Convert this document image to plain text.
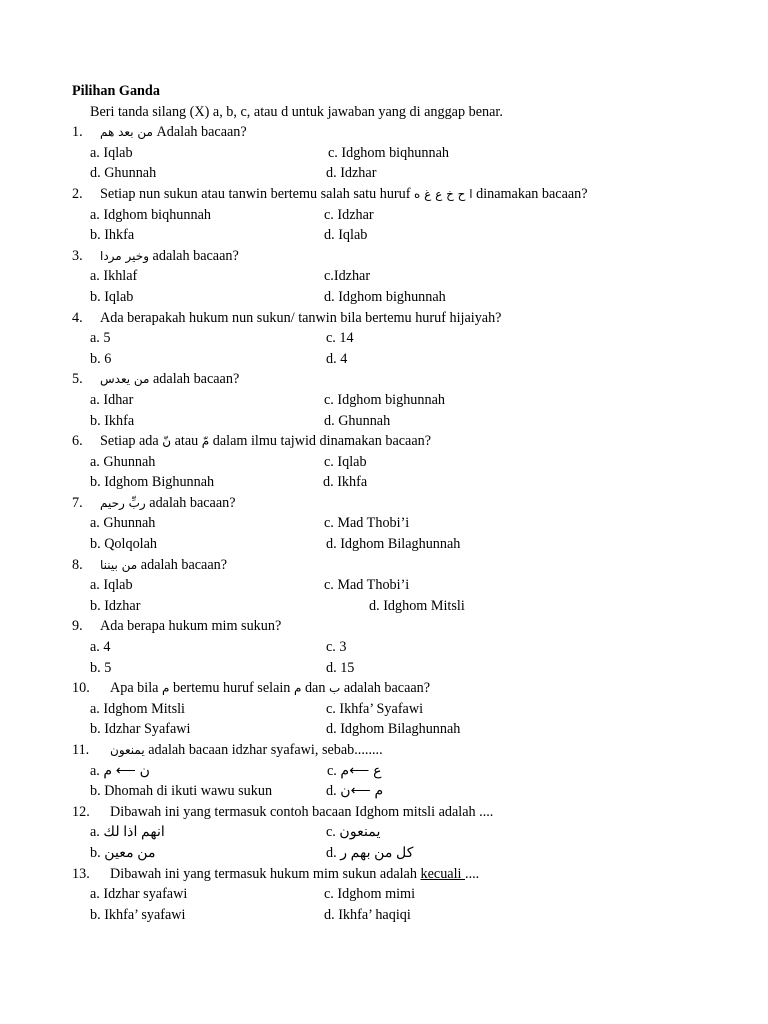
Pilihan Ganda
Beri tanda silang (X) a, b, c, atau d untuk jawaban yang di anggap benar.
1. من بعد هم Adalah bacaan?
a. Iqlab	c. Idghom biqhunnah
d. Ghunnah	d. Idzhar
2. Setiap nun sukun atau tanwin bertemu salah satu huruf ا ح خ ع غ ه dinamakan bacaan?
a. Idghom biqhunnah	c. Idzhar
b. Ihkfa	d. Iqlab
3. وخير مردا adalah bacaan?
a. Ikhlaf	c.Idzhar
b. Iqlab	d. Idghom bighunnah
4. Ada berapakah hukum nun sukun/ tanwin bila bertemu huruf hijaiyah?
a. 5	c. 14
b. 6	d. 4
5. من يعدس adalah bacaan?
a. Idhar	c. Idghom bighunnah
b. Ikhfa	d. Ghunnah
6. Setiap ada نّ atau مّ dalam ilmu tajwid dinamakan bacaan?
a. Ghunnah	c. Iqlab
b. Idghom Bighunnah	d. Ikhfa
7. ربِّ رحيم adalah bacaan?
a. Ghunnah	c. Mad Thobi’i
b. Qolqolah	d. Idghom Bilaghunnah
8. من بيننا adalah bacaan?
a. Iqlab	c. Mad Thobi’i
b. Idzhar	d. Idghom Mitsli
9. Ada berapa hukum mim sukun?
a. 4	c. 3
b. 5	d. 15
10. Apa bila م bertemu huruf selain م dan ب adalah bacaan?
a. Idghom Mitsli	c. Ikhfa’ Syafawi
b. Idzhar Syafawi	d. Idghom Bilaghunnah
11. يمنعون adalah bacaan idzhar syafawi, sebab........
a. ن ⟵ م	c. ع ⟵م
b. Dhomah di ikuti wawu sukun	d. م ⟵ن
12. Dibawah ini yang termasuk contoh bacaan Idghom mitsli adalah ....
a. انهم اذا لك	c. يمنعون
b. من معين	d. كل من بهم ر
13. Dibawah ini yang termasuk hukum mim sukun adalah kecuali ....
a. Idzhar syafawi	c. Idghom mimi
b. Ikhfa’ syafawi	d. Ikhfa’ haqiqi
